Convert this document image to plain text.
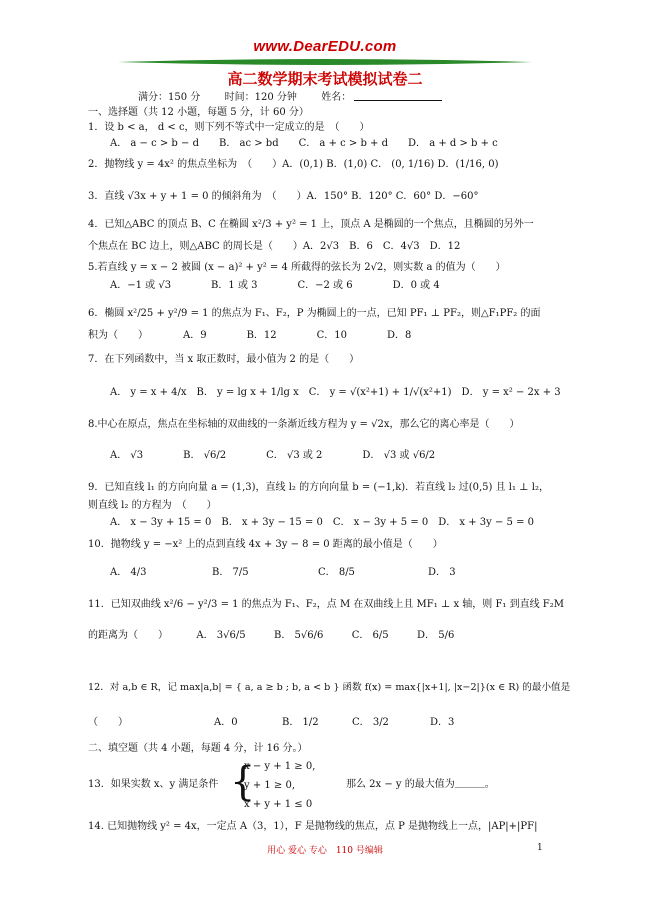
www.DearEDU.com
高二数学期末考试模拟试卷二
满分：150 分 时间：120 分钟 姓名：
一、选择题（共 12 小题，每题 5 分，计 60 分）
1．设 b < a， d < c，则下列不等式中一定成立的是　（　　）
A． a − c > b − d　　B． ac > bd　　C． a + c > b + d　　D． a + d > b + c
2．抛物线 y = 4x² 的焦点坐标为　（　　）A．(0,1) B．(1,0) C． (0, 1/16) D．(1/16, 0)
3．直线 √3x + y + 1 = 0 的倾斜角为　（　　）A．150° B．120° C．60° D．−60°
4．已知△ABC 的顶点 B、C 在椭圆 x²/3 + y² = 1 上，顶点 A 是椭圆的一个焦点，且椭圆的另外一
个焦点在 BC 边上，则△ABC 的周长是（　　）A．2√3　B．6　C．4√3　D．12
5.若直线 y = x − 2 被圆 (x − a)² + y² = 4 所截得的弦长为 2√2，则实数 a 的值为（　　）
A．−1 或 √3　　　　B．1 或 3　　　　C．−2 或 6　　　　D．0 或 4
6．椭圆 x²/25 + y²/9 = 1 的焦点为 F₁、F₂，P 为椭圆上的一点，已知 PF₁ ⊥ PF₂，则△F₁PF₂ 的面
积为（　　）　　　　A．9　　　　B．12　　　　C．10　　　　D．8
7．在下列函数中，当 x 取正数时，最小值为 2 的是（　　）
A． y = x + 4/x　B． y = lg x + 1/lg x　C． y = √(x²+1) + 1/√(x²+1)　D． y = x² − 2x + 3
8.中心在原点，焦点在坐标轴的双曲线的一条渐近线方程为 y = √2x，那么它的离心率是（　　）
A． √3　　　　B． √6/2　　　　C． √3 或 2　　　　D． √3 或 √6/2
9．已知直线 l₁ 的方向向量 a = (1,3)，直线 l₂ 的方向向量 b = (−1,k)．若直线 l₂ 过(0,5) 且 l₁ ⊥ l₂，
则直线 l₂ 的方程为　（　　）
A． x − 3y + 15 = 0　B． x + 3y − 15 = 0　C． x − 3y + 5 = 0　D． x + 3y − 5 = 0
10．抛物线 y = −x² 上的点到直线 4x + 3y − 8 = 0 距离的最小值是（　　）
A． 4/3	B． 7/5	C． 8/5	D． 3
11．已知双曲线 x²/6 − y²/3 = 1 的焦点为 F₁、F₂，点 M 在双曲线上且 MF₁ ⊥ x 轴，则 F₁ 到直线 F₂M
的距离为（　　）	A． 3√6/5	B． 5√6/6	C． 6/5	D． 5/6
12．对 a,b ∈ R，记 max|a,b| = { a, a ≥ b ; b, a < b } 函数 f(x) = max{|x+1|, |x−2|}(x ∈ R) 的最小值是
（　　）	A．0	B． 1/2	C． 3/2	D．3
二、填空题（共 4 小题，每题 4 分，计 16 分。）
13．如果实数 x、y 满足条件 {
x − y + 1 ≥ 0,
y + 1 ≥ 0,
x + y + 1 ≤ 0
那么 2x − y 的最大值为＿＿＿。
14. 已知抛物线 y² = 4x，一定点 A（3，1），F 是抛物线的焦点，点 P 是抛物线上一点，|AP|+|PF|
用心 爱心 专心　110 号编辑	1
